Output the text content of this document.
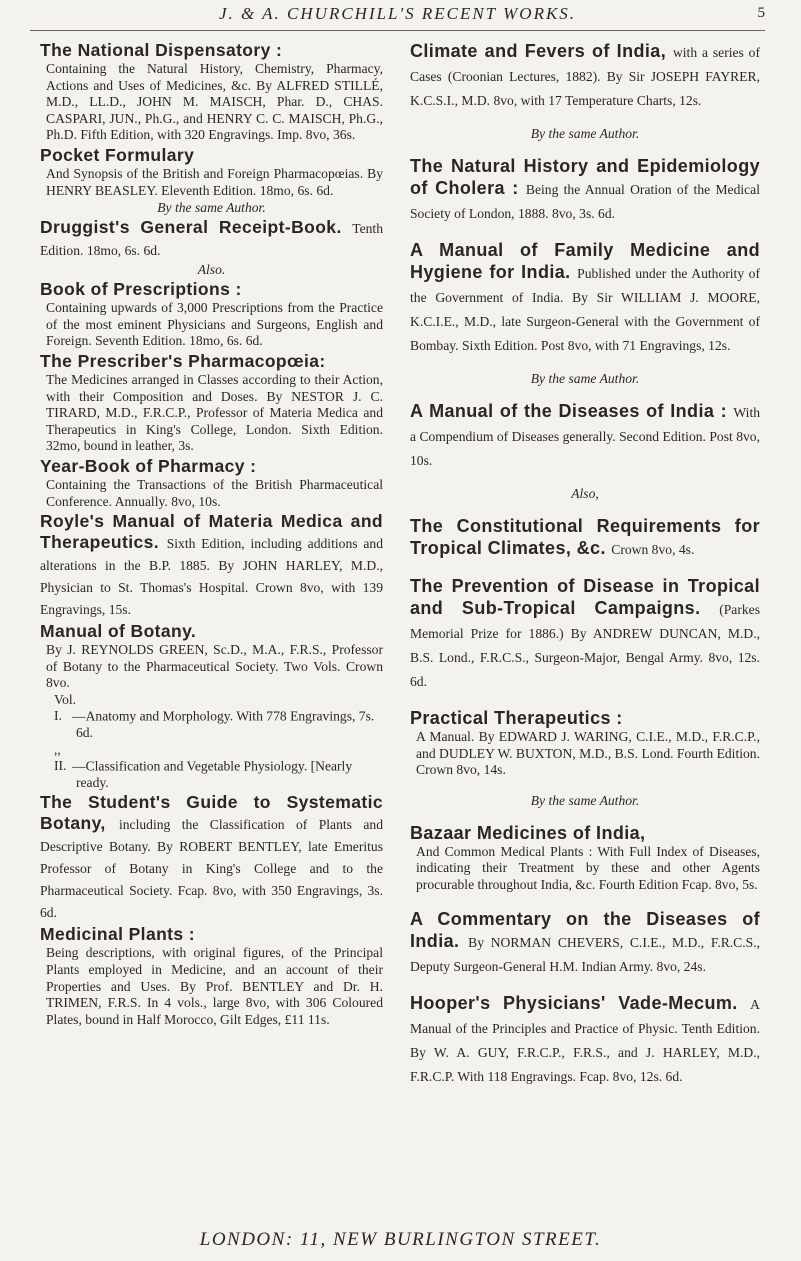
J. & A. CHURCHILL'S RECENT WORKS.	5
The National Dispensatory :
Containing the Natural History, Chemistry, Pharmacy, Actions and Uses of Medicines, &c. By ALFRED STILLÉ, M.D., LL.D., JOHN M. MAISCH, Phar. D., CHAS. CASPARI, JUN., Ph.G., and HENRY C. C. MAISCH, Ph.G., Ph.D. Fifth Edition, with 320 Engravings. Imp. 8vo, 36s.
Pocket Formulary
And Synopsis of the British and Foreign Pharmacopœias. By HENRY BEASLEY. Eleventh Edition. 18mo, 6s. 6d.
By the same Author.
Druggist's General Receipt-Book. Tenth Edition. 18mo, 6s. 6d.
Also.
Book of Prescriptions :
Containing upwards of 3,000 Prescriptions from the Practice of the most eminent Physicians and Surgeons, English and Foreign. Seventh Edition. 18mo, 6s. 6d.
The Prescriber's Pharmacopœia:
The Medicines arranged in Classes according to their Action, with their Composition and Doses. By NESTOR J. C. TIRARD, M.D., F.R.C.P., Professor of Materia Medica and Therapeutics in King's College, London. Sixth Edition. 32mo, bound in leather, 3s.
Year-Book of Pharmacy :
Containing the Transactions of the British Pharmaceutical Conference. Annually. 8vo, 10s.
Royle's Manual of Materia Medica and Therapeutics. Sixth Edition, including additions and alterations in the B.P. 1885. By JOHN HARLEY, M.D., Physician to St. Thomas's Hospital. Crown 8vo, with 139 Engravings, 15s.
Manual of Botany.
By J. REYNOLDS GREEN, Sc.D., M.A., F.R.S., Professor of Botany to the Pharmaceutical Society. Two Vols. Crown 8vo.
Vol. I. —Anatomy and Morphology. With 778 Engravings, 7s. 6d.
,, II. —Classification and Vegetable Physiology. [Nearly ready.
The Student's Guide to Systematic Botany, including the Classification of Plants and Descriptive Botany. By ROBERT BENTLEY, late Emeritus Professor of Botany in King's College and to the Pharmaceutical Society. Fcap. 8vo, with 350 Engravings, 3s. 6d.
Medicinal Plants :
Being descriptions, with original figures, of the Principal Plants employed in Medicine, and an account of their Properties and Uses. By Prof. BENTLEY and Dr. H. TRIMEN, F.R.S. In 4 vols., large 8vo, with 306 Coloured Plates, bound in Half Morocco, Gilt Edges, £11 11s.
Climate and Fevers of India, with a series of Cases (Croonian Lectures, 1882). By Sir JOSEPH FAYRER, K.C.S.I., M.D. 8vo, with 17 Temperature Charts, 12s.
By the same Author.
The Natural History and Epidemiology of Cholera : Being the Annual Oration of the Medical Society of London, 1888. 8vo, 3s. 6d.
A Manual of Family Medicine and Hygiene for India. Published under the Authority of the Government of India. By Sir WILLIAM J. MOORE, K.C.I.E., M.D., late Surgeon-General with the Government of Bombay. Sixth Edition. Post 8vo, with 71 Engravings, 12s.
By the same Author.
A Manual of the Diseases of India : With a Compendium of Diseases generally. Second Edition. Post 8vo, 10s.
Also,
The Constitutional Requirements for Tropical Climates, &c. Crown 8vo, 4s.
The Prevention of Disease in Tropical and Sub-Tropical Campaigns. (Parkes Memorial Prize for 1886.) By ANDREW DUNCAN, M.D., B.S. Lond., F.R.C.S., Surgeon-Major, Bengal Army. 8vo, 12s. 6d.
Practical Therapeutics :
A Manual. By EDWARD J. WARING, C.I.E., M.D., F.R.C.P., and DUDLEY W. BUXTON, M.D., B.S. Lond. Fourth Edition. Crown 8vo, 14s.
By the same Author.
Bazaar Medicines of India,
And Common Medical Plants : With Full Index of Diseases, indicating their Treatment by these and other Agents procurable throughout India, &c. Fourth Edition Fcap. 8vo, 5s.
A Commentary on the Diseases of India. By NORMAN CHEVERS, C.I.E., M.D., F.R.C.S., Deputy Surgeon-General H.M. Indian Army. 8vo, 24s.
Hooper's Physicians' Vade-Mecum. A Manual of the Principles and Practice of Physic. Tenth Edition. By W. A. GUY, F.R.C.P., F.R.S., and J. HARLEY, M.D., F.R.C.P. With 118 Engravings. Fcap. 8vo, 12s. 6d.
LONDON: 11, NEW BURLINGTON STREET.
